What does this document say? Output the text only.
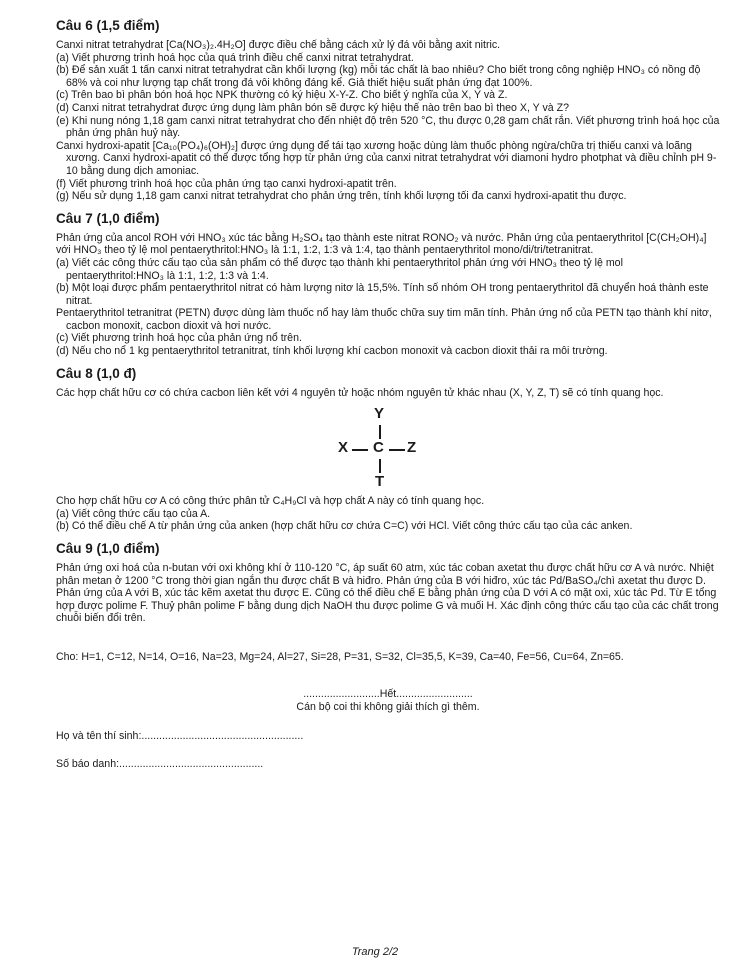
Câu 6 (1,5 điểm)

Canxi nitrat tetrahydrat [Ca(NO₃)₂.4H₂O] được điều chế bằng cách xử lý đá vôi bằng axit nitric.

(a) Viết phương trình hoá học của quá trình điều chế canxi nitrat tetrahydrat.

(b) Để sản xuất 1 tấn canxi nitrat tetrahydrat cần khối lượng (kg) mỗi tác chất là bao nhiêu? Cho biết trong công nghiệp HNO₃ có nồng độ 68% và coi như lượng tạp chất trong đá vôi không đáng kể. Giả thiết hiệu suất phản ứng đạt 100%.

(c) Trên bao bì phân bón hoá học NPK thường có ký hiệu X-Y-Z. Cho biết ý nghĩa của X, Y và Z.

(d) Canxi nitrat tetrahydrat được ứng dụng làm phân bón sẽ được ký hiệu thế nào trên bao bì theo X, Y và Z?

(e) Khi nung nóng 1,18 gam canxi nitrat tetrahydrat cho đến nhiệt độ trên 520 °C, thu được 0,28 gam chất rắn. Viết phương trình hoá học của phản ứng phân huỷ này.

Canxi hydroxi-apatit [Ca₁₀(PO₄)₆(OH)₂] được ứng dụng để tái tạo xương hoặc dùng làm thuốc phòng ngừa/chữa trị thiếu canxi và loãng xương. Canxi hydroxi-apatit có thể được tổng hợp từ phản ứng của canxi nitrat tetrahydrat với diamoni hydro photphat và điều chỉnh pH 9-10 bằng dung dịch amoniac.

(f) Viết phương trình hoá học của phản ứng tạo canxi hydroxi-apatit trên.

(g) Nếu sử dụng 1,18 gam canxi nitrat tetrahydrat cho phản ứng trên, tính khối lượng tối đa canxi hydroxi-apatit thu được.

Câu 7 (1,0 điểm)

Phản ứng của ancol ROH với HNO₃ xúc tác bằng H₂SO₄ tạo thành este nitrat RONO₂ và nước. Phản ứng của pentaerythritol [C(CH₂OH)₄] với HNO₃ theo tỷ lệ mol pentaerythritol:HNO₃ là 1:1, 1:2, 1:3 và 1:4, tạo thành pentaerythritol mono/di/tri/tetranitrat.

(a) Viết các công thức cấu tạo của sản phẩm có thể được tạo thành khi pentaerythritol phản ứng với HNO₃ theo tỷ lệ mol pentaerythritol:HNO₃ là 1:1, 1:2, 1:3 và 1:4.

(b) Một loại được phẩm pentaerythritol nitrat có hàm lượng nitơ là 15,5%. Tính số nhóm OH trong pentaerythritol đã chuyển hoá thành este nitrat.

Pentaerythritol tetranitrat (PETN) được dùng làm thuốc nổ hay làm thuốc chữa suy tim mãn tính. Phản ứng nổ của PETN tạo thành khí nitơ, cacbon monoxit, cacbon dioxit và hơi nước.

(c) Viết phương trình hoá học của phản ứng nổ trên.

(d) Nếu cho nổ 1 kg pentaerythritol tetranitrat, tính khối lượng khí cacbon monoxit và cacbon dioxit thải ra môi trường.

Câu 8 (1,0 đ)

Các hợp chất hữu cơ có chứa cacbon liên kết với 4 nguyên tử hoặc nhóm nguyên tử khác nhau (X, Y, Z, T) sẽ có tính quang học.

Y
X C Z
T

Cho hợp chất hữu cơ A có công thức phân tử C₄H₉Cl và hợp chất A này có tính quang học.

(a) Viết công thức cấu tạo của A.

(b) Có thể điều chế A từ phản ứng của anken (hợp chất hữu cơ chứa C=C) với HCl. Viết công thức cấu tạo của các anken.

Câu 9 (1,0 điểm)

Phản ứng oxi hoá của n-butan với oxi không khí ở 110-120 °C, áp suất 60 atm, xúc tác coban axetat thu được chất hữu cơ A và nước. Nhiệt phân metan ở 1200 °C trong thời gian ngắn thu được chất B và hiđro. Phản ứng của B với hiđro, xúc tác Pd/BaSO₄/chì axetat thu được D. Phản ứng của A với B, xúc tác kẽm axetat thu được E. Cũng có thể điều chế E bằng phản ứng của D với A có mặt oxi, xúc tác Pd. Từ E tổng hợp được polime F. Thuỷ phân polime F bằng dung dịch NaOH thu được polime G và muối H. Xác định công thức cấu tạo của các chất trong chuỗi biến đổi trên.

Cho: H=1, C=12, N=14, O=16, Na=23, Mg=24, Al=27, Si=28, P=31, S=32, Cl=35,5, K=39, Ca=40, Fe=56, Cu=64, Zn=65.

..........................Hết..........................
Cán bộ coi thi không giải thích gì thêm.
Họ và tên thí sinh:.......................................................
Số báo danh:.................................................
Trang 2/2
